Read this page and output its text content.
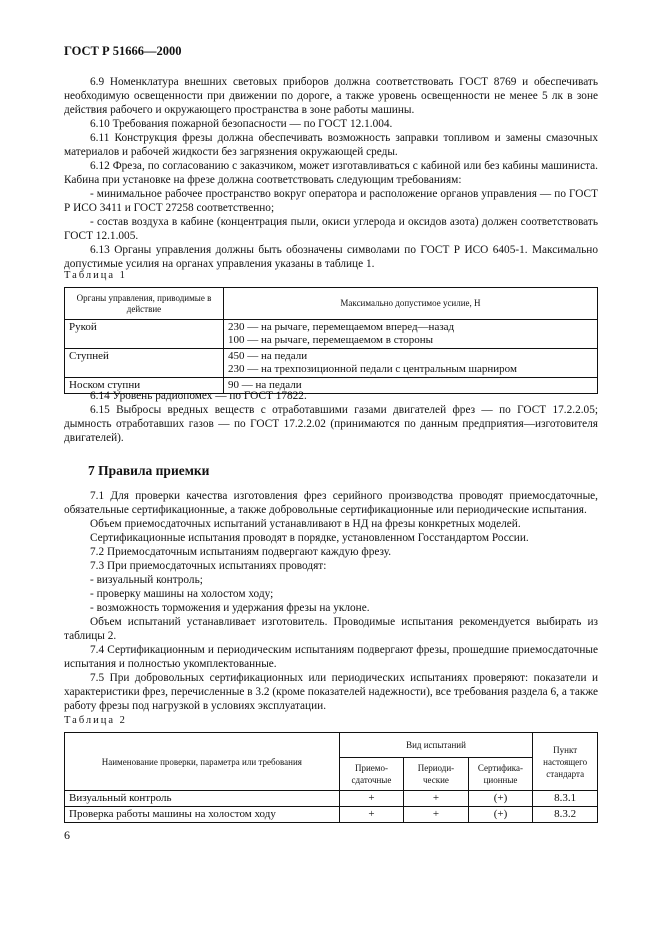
ГОСТ Р 51666—2000

6.9 Номенклатура внешних световых приборов должна соответствовать ГОСТ 8769 и обеспечивать необходимую освещенности при движении по дороге, а также уровень освещенности не менее 5 лк в зоне действия рабочего и окружающего пространства в зоне работы машины.

6.10 Требования пожарной безопасности — по ГОСТ 12.1.004.

6.11 Конструкция фрезы должна обеспечивать возможность заправки топливом и замены смазочных материалов и рабочей жидкости без загрязнения окружающей среды.

6.12 Фреза, по согласованию с заказчиком, может изготавливаться с кабиной или без кабины машиниста. Кабина при установке на фрезе должна соответствовать следующим требованиям:

- минимальное рабочее пространство вокруг оператора и расположение органов управления — по ГОСТ Р ИСО 3411 и ГОСТ 27258 соответственно;

- состав воздуха в кабине (концентрация пыли, окиси углерода и оксидов азота) должен соответствовать ГОСТ 12.1.005.

6.13 Органы управления должны быть обозначены символами по ГОСТ Р ИСО 6405-1. Максимально допустимые усилия на органах управления указаны в таблице 1.

Таблица 1
Органы управления, приводимые в действие	Максимально допустимое усилие, Н
Рукой	230 — на рычаге, перемещаемом вперед—назад
100 — на рычаге, перемещаемом в стороны

Ступней	450 — на педали
230 — на трехпозиционной педали с центральным шарниром

Носком ступни	90 — на педали

6.14 Уровень радиопомех — по ГОСТ 17822.

6.15 Выбросы вредных веществ с отработавшими газами двигателей фрез — по ГОСТ 17.2.2.05; дымность отработавших газов — по ГОСТ 17.2.2.02 (принимаются по данным предприятия—изготовителя двигателей).

7 Правила приемки

7.1 Для проверки качества изготовления фрез серийного производства проводят приемосдаточные, обязательные сертификационные, а также добровольные сертификационные или периодические испытания.

Объем приемосдаточных испытаний устанавливают в НД на фрезы конкретных моделей.

Сертификационные испытания проводят в порядке, установленном Госстандартом России.

7.2 Приемосдаточным испытаниям подвергают каждую фрезу.

7.3 При приемосдаточных испытаниях проводят:

- визуальный контроль;

- проверку машины на холостом ходу;

- возможность торможения и удержания фрезы на уклоне.

Объем испытаний устанавливает изготовитель. Проводимые испытания рекомендуется выбирать из таблицы 2.

7.4 Сертификационным и периодическим испытаниям подвергают фрезы, прошедшие приемосдаточные испытания и полностью укомплектованные.

7.5 При добровольных сертификационных или периодических испытаниях проверяют: показатели и характеристики фрез, перечисленные в 3.2 (кроме показателей надежности), все требования раздела 6, а также работу фрезы под нагрузкой в условиях эксплуатации.

Таблица 2
Наименование проверки, параметра или требования	Вид испытаний			Пункт настоящего стандарта
	Приемо-сдаточные	Периоди-ческие	Сертифика-ционные	
Визуальный контроль	+	+	(+)	8.3.1
Проверка работы машины на холостом ходу	+	+	(+)	8.3.2
6
